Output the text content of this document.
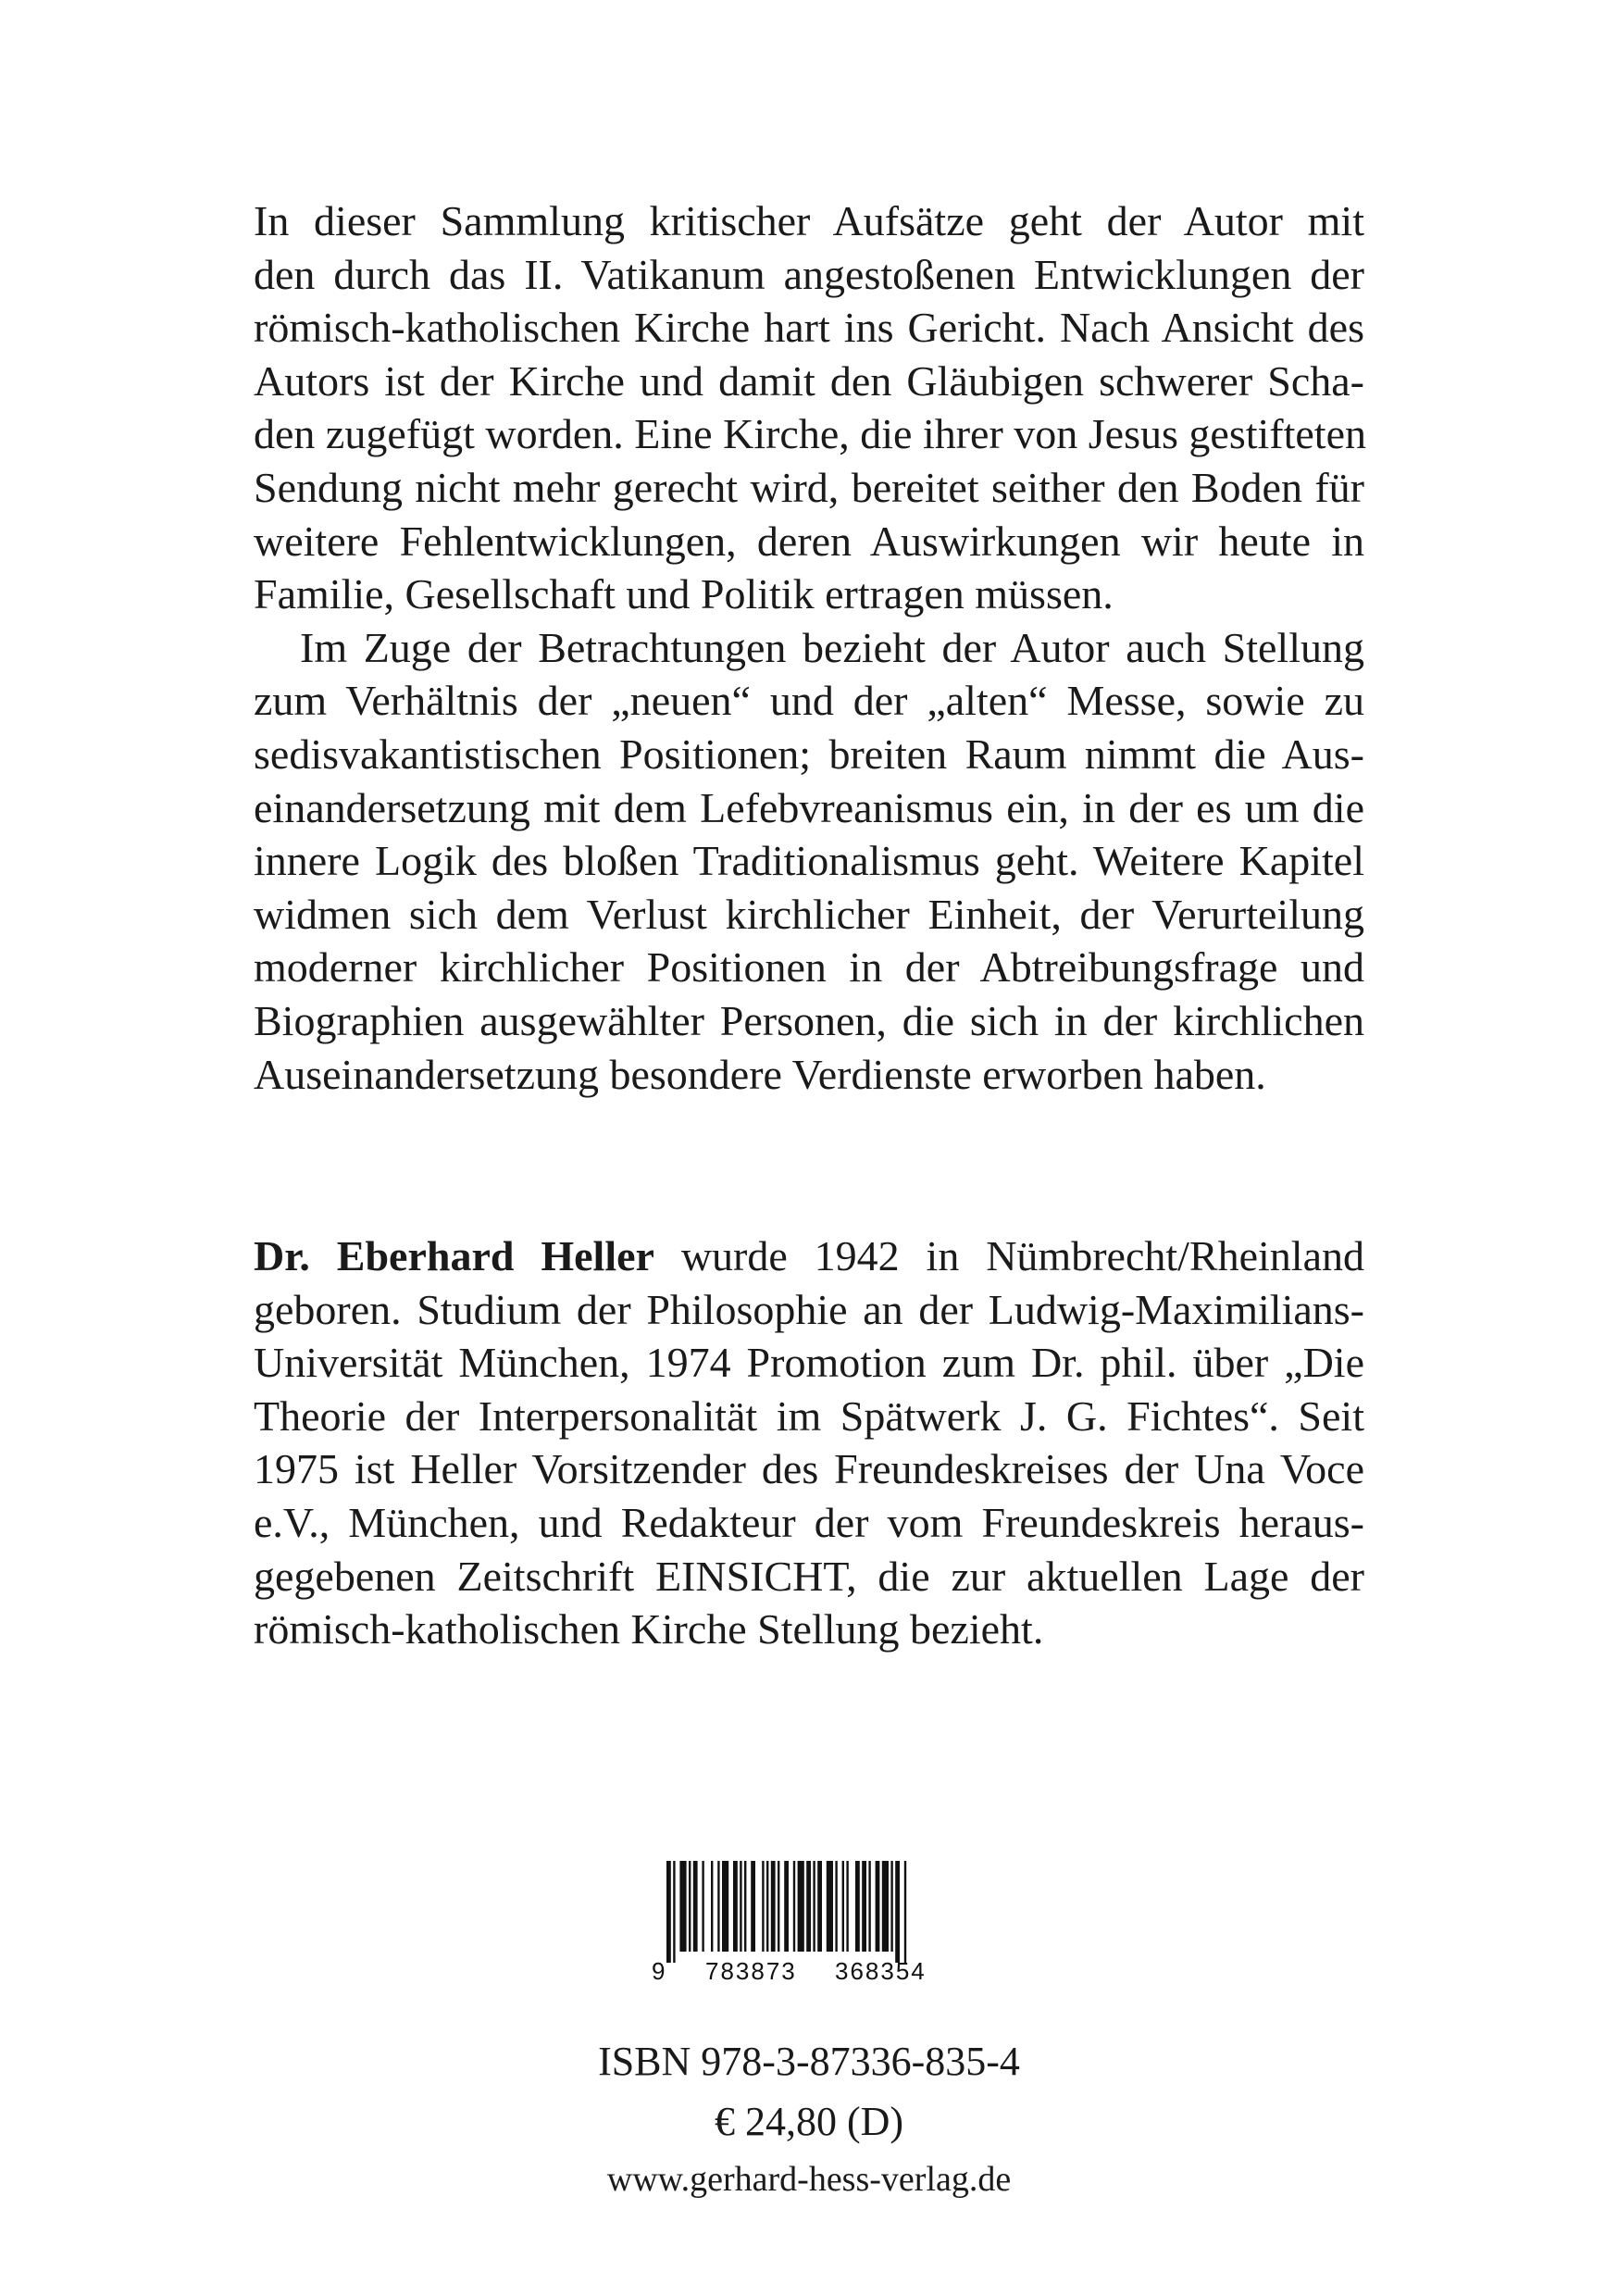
In dieser Sammlung kritischer Aufsätze geht der Autor mit
den durch das II. Vatikanum angestoßenen Entwicklungen der
römisch-katholischen Kirche hart ins Gericht. Nach Ansicht des
Autors ist der Kirche und damit den Gläubigen schwerer Scha-
den zugefügt worden. Eine Kirche, die ihrer von Jesus gestifteten
Sendung nicht mehr gerecht wird, bereitet seither den Boden für
weitere Fehlentwicklungen, deren Auswirkungen wir heute in
Familie, Gesellschaft und Politik ertragen müssen.

Im Zuge der Betrachtungen bezieht der Autor auch Stellung
zum Verhältnis der „neuen“ und der „alten“ Messe, sowie zu
sedisvakantistischen Positionen; breiten Raum nimmt die Aus-
einandersetzung mit dem Lefebvreanismus ein, in der es um die
innere Logik des bloßen Traditionalismus geht. Weitere Kapitel
widmen sich dem Verlust kirchlicher Einheit, der Verurteilung
moderner kirchlicher Positionen in der Abtreibungsfrage und
Biographien ausgewählter Personen, die sich in der kirchlichen
Auseinandersetzung besondere Verdienste erworben haben.

Dr. Eberhard Heller wurde 1942 in Nümbrecht/Rheinland
geboren. Studium der Philosophie an der Ludwig-Maximilians-
Universität München, 1974 Promotion zum Dr. phil. über „Die
Theorie der Interpersonalität im Spätwerk J. G. Fichtes“. Seit
1975 ist Heller Vorsitzender des Freundeskreises der Una Voce
e.V., München, und Redakteur der vom Freundeskreis heraus-
gegebenen Zeitschrift EINSICHT, die zur aktuellen Lage der
römisch-katholischen Kirche Stellung bezieht.

9 783873 368354
ISBN 978-3-87336-835-4
€ 24,80 (D)
www.gerhard-hess-verlag.de
